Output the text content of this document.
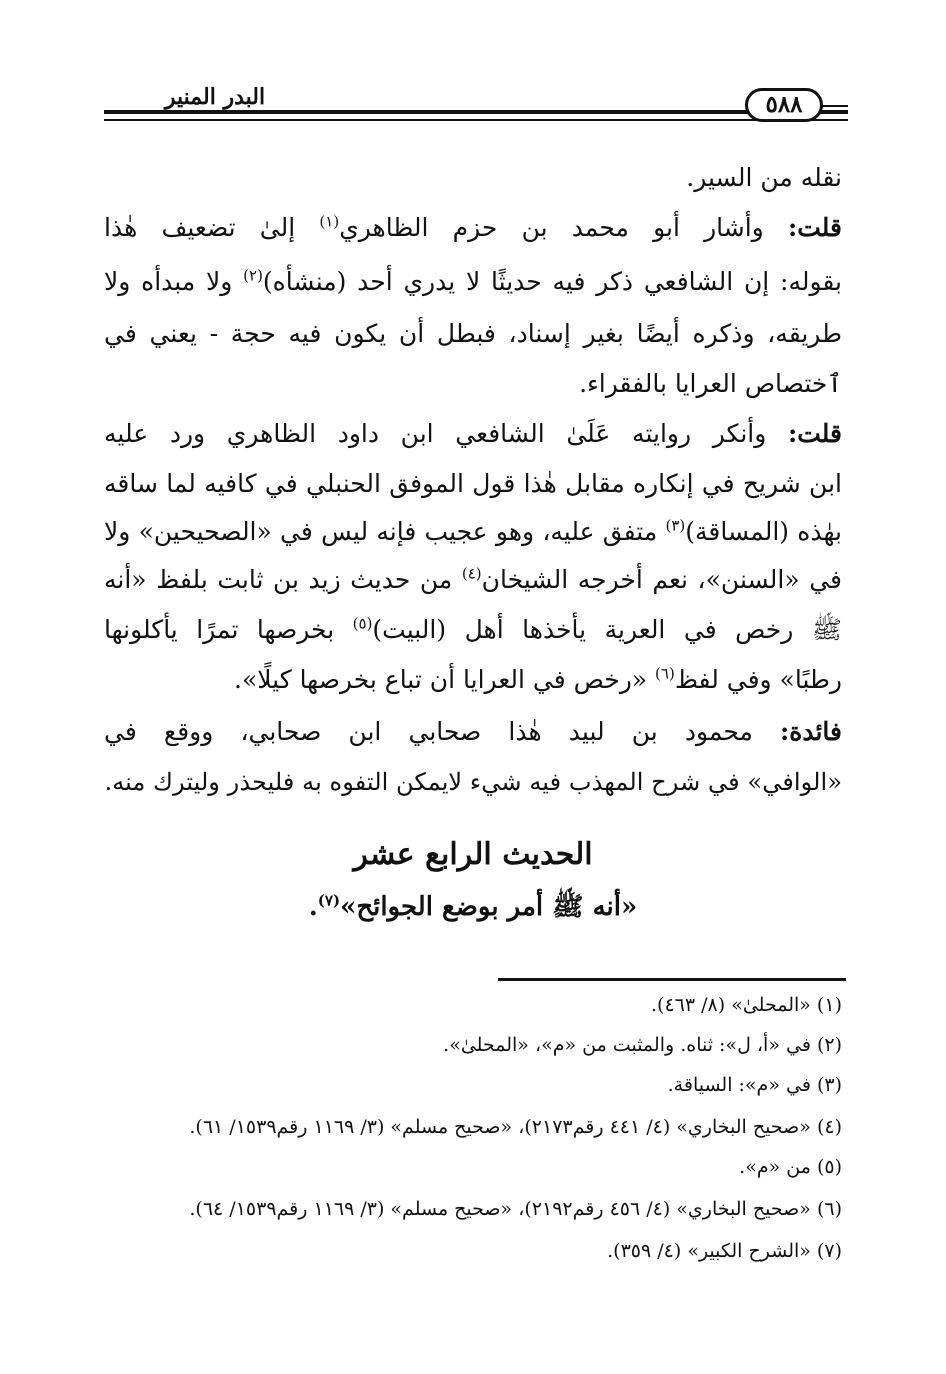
البدر المنير	٥٨٨
نقله من السير.
قلت: وأشار أبو محمد بن حزم الظاهري$^{(١)}$ إلىٰ تضعيف هٰذا
بقوله: إن الشافعي ذكر فيه حديثًا لا يدري أحد (منشأه)$^{(٢)}$ ولا مبدأه ولا
طريقه، وذكره أيضًا بغير إسناد، فبطل أن يكون فيه حجة - يعني في
ٱختصاص العرايا بالفقراء.
قلت: وأنكر روايته عَلَىٰ الشافعي ابن داود الظاهري ورد عليه
ابن شريح في إنكاره مقابل هٰذا قول الموفق الحنبلي في كافيه لما ساقه
بهٰذه (المساقة)$^{(٣)}$ متفق عليه، وهو عجيب فإنه ليس في «الصحيحين» ولا
في «السنن»، نعم أخرجه الشيخان$^{(٤)}$ من حديث زيد بن ثابت بلفظ «أنه
ﷺ رخص في العرية يأخذها أهل (البيت)$^{(٥)}$ بخرصها تمرًا يأكلونها
رطبًا» وفي لفظ$^{(٦)}$ «رخص في العرايا أن تباع بخرصها كيلًا».
فائدة: محمود بن لبيد هٰذا صحابي ابن صحابي، ووقع في
«الوافي» في شرح المهذب فيه شيء لايمكن التفوه به فليحذر وليترك منه.
الحديث الرابع عشر
«أنه ﷺ أمر بوضع الجوائح»$^{(٧)}$.
(١) «المحلىٰ» (٨/ ٤٦٣).
(٢) في «أ، ل»: ثناه. والمثبت من «م»، «المحلىٰ».
(٣) في «م»: السياقة.
(٤) «صحيح البخاري» (٤/ ٤٤١ رقم٢١٧٣)، «صحيح مسلم» (٣/ ١١٦٩ رقم١٥٣٩/ ٦١).
(٥) من «م».
(٦) «صحيح البخاري» (٤/ ٤٥٦ رقم٢١٩٢)، «صحيح مسلم» (٣/ ١١٦٩ رقم١٥٣٩/ ٦٤).
(٧) «الشرح الكبير» (٤/ ٣٥٩).
